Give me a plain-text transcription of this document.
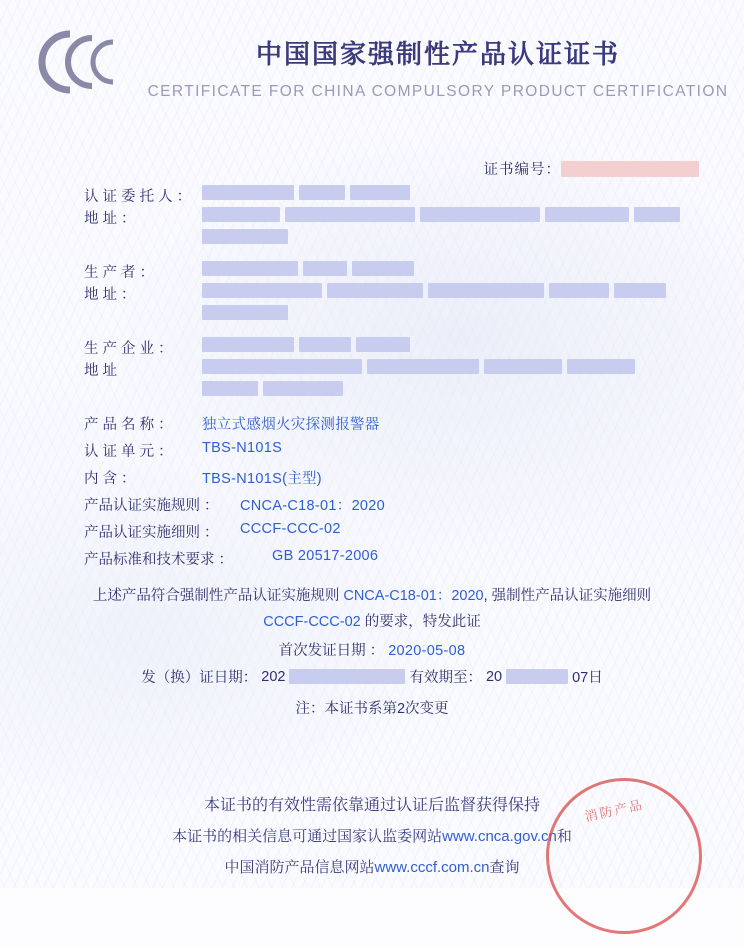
中国国家强制性产品认证证书
CERTIFICATE FOR CHINA COMPULSORY PRODUCT CERTIFICATION
证书编号：
认 证 委 托 人 ：
地 址 ：
生 产 者 ：
地 址 ：
生 产 企 业 ：
地 址
产 品 名 称 ：	独立式感烟火灾探测报警器
认 证 单 元 ：	TBS-N101S
内 含 ：	TBS-N101S(主型)
产品认证实施规则 ：	CNCA-C18-01：2020
产品认证实施细则 ：	CCCF-CCC-02
产品标准和技术要求 ：	GB 20517-2006
上述产品符合强制性产品认证实施规则 CNCA-C18-01：2020, 强制性产品认证实施细则
CCCF-CCC-02 的要求，特发此证
首次发证日期 ： 2020-05-08
发（换）证日期： 202	有效期至： 20	07日
注：本证书系第2次变更
本证书的有效性需依靠通过认证后监督获得保持
本证书的相关信息可通过国家认监委网站www.cnca.gov.cn和
中国消防产品信息网站www.cccf.com.cn查询
消防产品
